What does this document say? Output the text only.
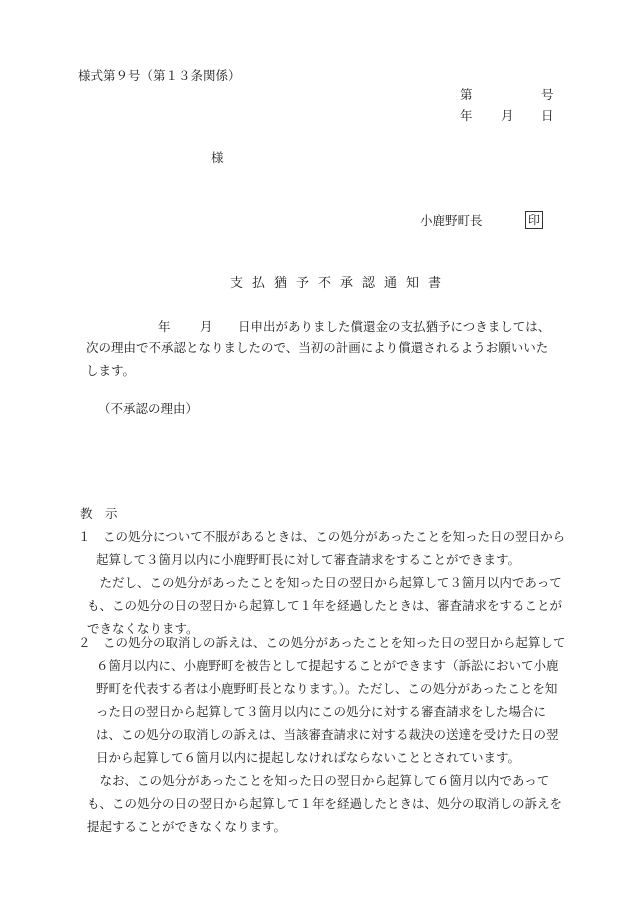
様式第９号（第１３条関係）
第	号
年 月 日
様
小鹿野町長	印
支払猶予不承認通知書
年 月 日申出がありました償還金の支払猶予につきましては、
次の理由で不承認となりましたので、当初の計画により償還されるようお願いいたします。
（不承認の理由）
教　示
１　 この処分について不服があるときは、この処分があったことを知った日の翌日から起算して３箇月以内に小鹿野町長に対して審査請求をすることができます。
ただし、この処分があったことを知った日の翌日から起算して３箇月以内であっても、この処分の日の翌日から起算して１年を経過したときは、審査請求をすることができなくなります。
２　 この処分の取消しの訴えは、この処分があったことを知った日の翌日から起算して６箇月以内に、小鹿野町を被告として提起することができます（訴訟において小鹿野町を代表する者は小鹿野町長となります。）。ただし、この処分があったことを知った日の翌日から起算して３箇月以内にこの処分に対する審査請求をした場合には、この処分の取消しの訴えは、当該審査請求に対する裁決の送達を受けた日の翌日から起算して６箇月以内に提起しなければならないこととされています。
なお、この処分があったことを知った日の翌日から起算して６箇月以内であっても、この処分の日の翌日から起算して１年を経過したときは、処分の取消しの訴えを提起することができなくなります。
